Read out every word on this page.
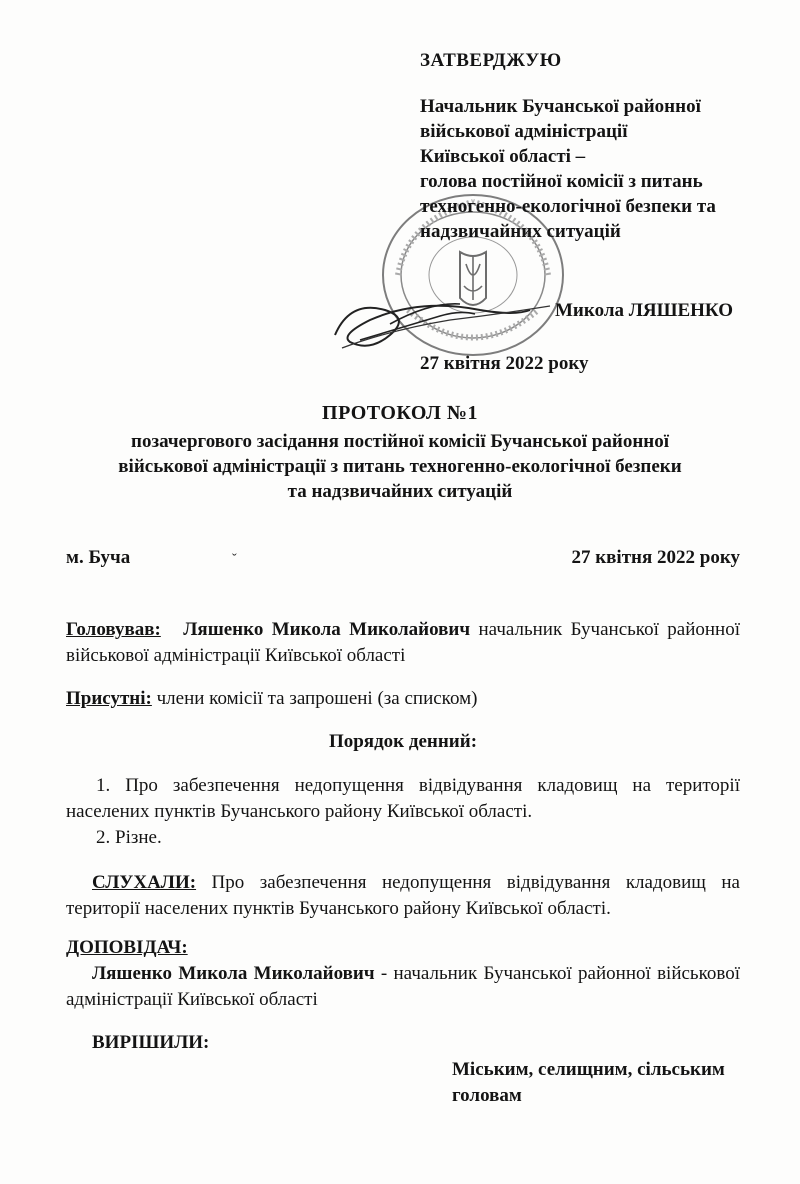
ЗАТВЕРДЖУЮ
Начальник Бучанської районної
військової адміністрації
Київської області –
голова постійної комісії з питань
техногенно-екологічної безпеки та
надзвичайних ситуацій
Микола ЛЯШЕНКО
27 квітня 2022 року
ПРОТОКОЛ №1
позачергового засідання постійної комісії Бучанської районної
військової адміністрації з питань техногенно-екологічної безпеки
та надзвичайних ситуацій
м. Буча	ˇ	27 квітня 2022 року
Головував: Ляшенко Микола Миколайович начальник Бучанської районної військової адміністрації Київської області
Присутні: члени комісії та запрошені (за списком)
Порядок денний:
1. Про забезпечення недопущення відвідування кладовищ на території населених пунктів Бучанського району Київської області.
2. Різне.
СЛУХАЛИ: Про забезпечення недопущення відвідування кладовищ на території населених пунктів Бучанського району Київської області.
ДОПОВІДАЧ:
Ляшенко Микола Миколайович - начальник Бучанської районної військової адміністрації Київської області
ВИРІШИЛИ:
Міським, селищним, сільським
головам
